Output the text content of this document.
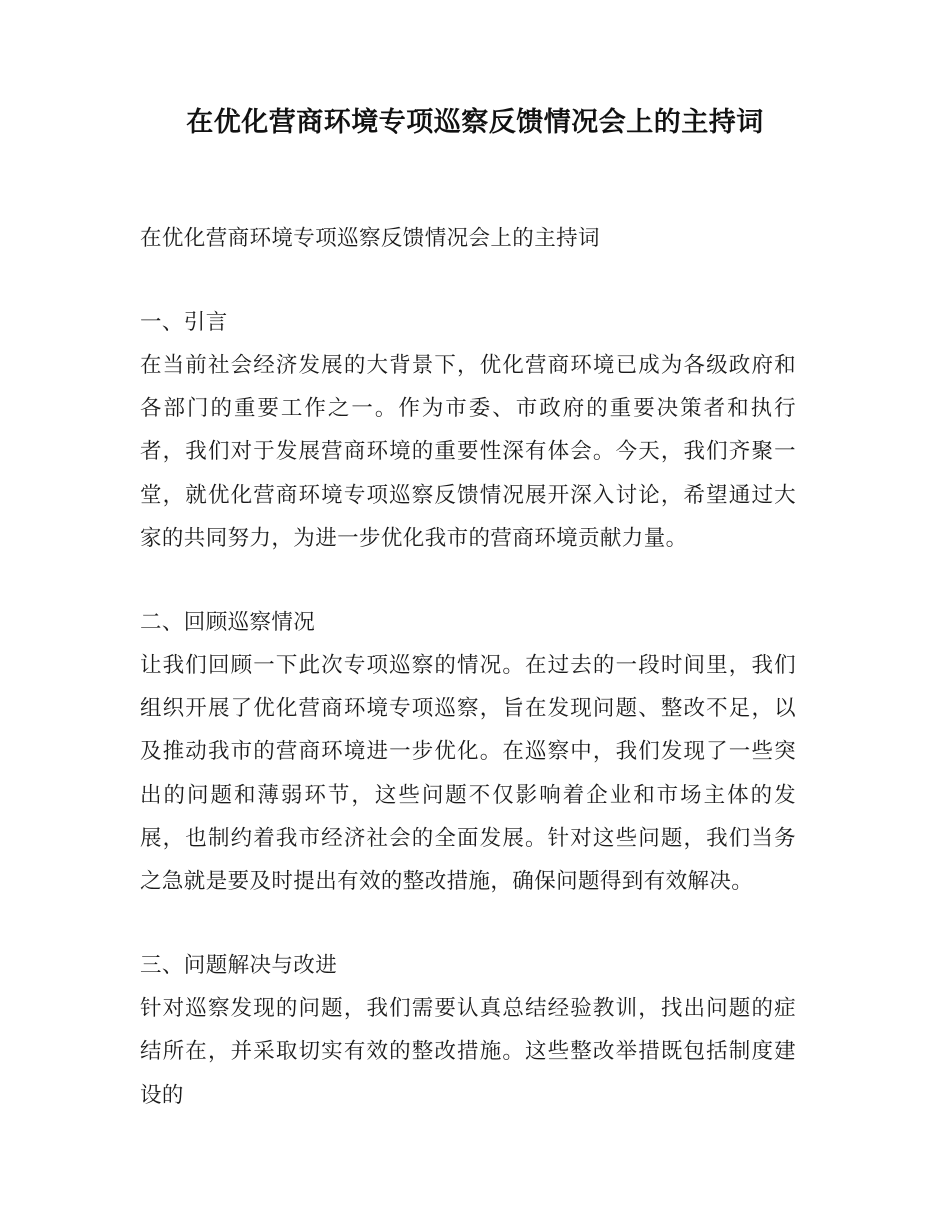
在优化营商环境专项巡察反馈情况会上的主持词

在优化营商环境专项巡察反馈情况会上的主持词

一、引言

在当前社会经济发展的大背景下，优化营商环境已成为各级政府和各部门的重要工作之一。作为市委、市政府的重要决策者和执行者，我们对于发展营商环境的重要性深有体会。今天，我们齐聚一堂，就优化营商环境专项巡察反馈情况展开深入讨论，希望通过大家的共同努力，为进一步优化我市的营商环境贡献力量。

二、回顾巡察情况

让我们回顾一下此次专项巡察的情况。在过去的一段时间里，我们组织开展了优化营商环境专项巡察，旨在发现问题、整改不足，以及推动我市的营商环境进一步优化。在巡察中，我们发现了一些突出的问题和薄弱环节，这些问题不仅影响着企业和市场主体的发展，也制约着我市经济社会的全面发展。针对这些问题，我们当务之急就是要及时提出有效的整改措施，确保问题得到有效解决。

三、问题解决与改进

针对巡察发现的问题，我们需要认真总结经验教训，找出问题的症结所在，并采取切实有效的整改措施。这些整改举措既包括制度建设的
